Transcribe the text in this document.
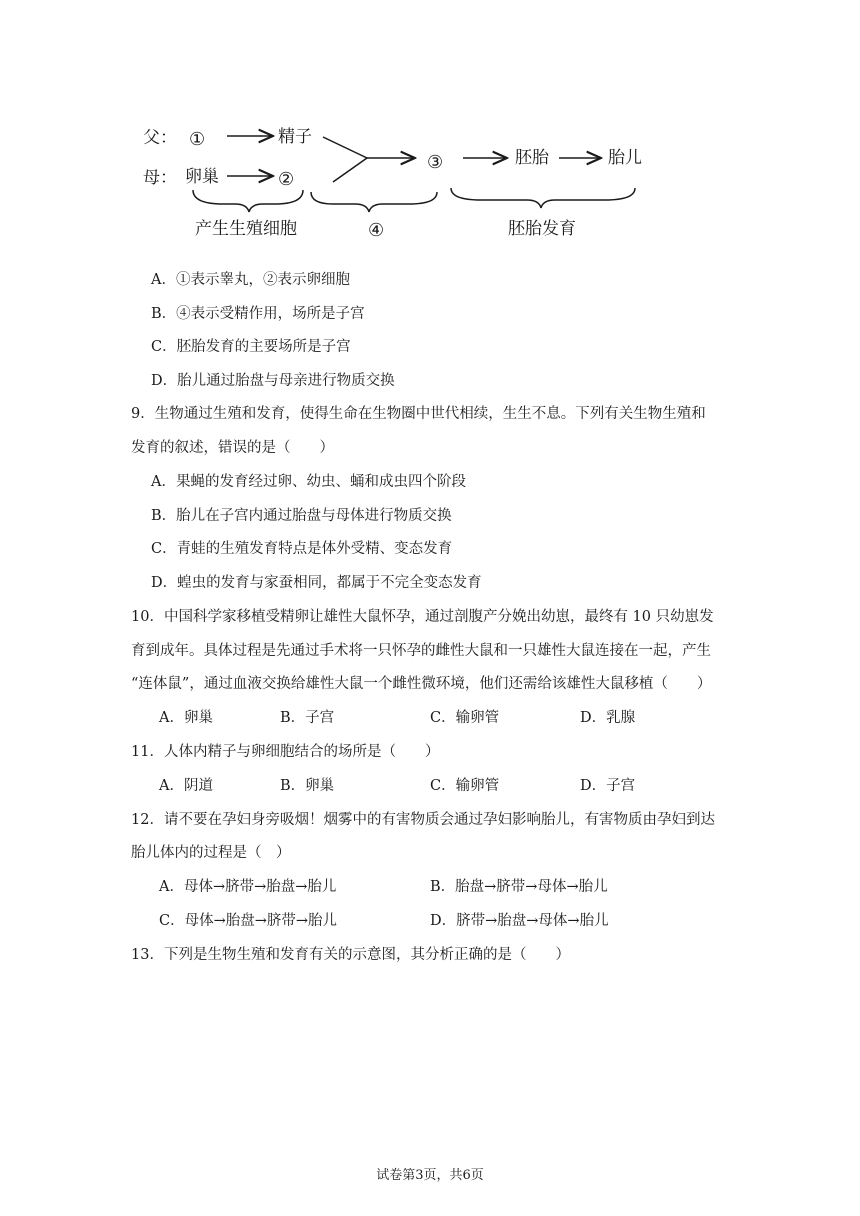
父： ①	精子
母： 卵巢	②
③	胚胎	胎儿
产生生殖细胞	④	胚胎发育
A．①表示睾丸，②表示卵细胞
B．④表示受精作用，场所是子宫
C．胚胎发育的主要场所是子宫
D．胎儿通过胎盘与母亲进行物质交换
9．生物通过生殖和发育，使得生命在生物圈中世代相续，生生不息。下列有关生物生殖和
发育的叙述，错误的是（　　）
A．果蝇的发育经过卵、幼虫、蛹和成虫四个阶段
B．胎儿在子宫内通过胎盘与母体进行物质交换
C．青蛙的生殖发育特点是体外受精、变态发育
D．蝗虫的发育与家蚕相同，都属于不完全变态发育
10．中国科学家移植受精卵让雄性大鼠怀孕，通过剖腹产分娩出幼崽，最终有 10 只幼崽发
育到成年。具体过程是先通过手术将一只怀孕的雌性大鼠和一只雄性大鼠连接在一起，产生
“连体鼠”，通过血液交换给雄性大鼠一个雌性微环境，他们还需给该雄性大鼠移植（　　）
A．卵巢	B．子宫	C．输卵管	D．乳腺
11．人体内精子与卵细胞结合的场所是（　　）
A．阴道	B．卵巢	C．输卵管	D．子宫
12．请不要在孕妇身旁吸烟！烟雾中的有害物质会通过孕妇影响胎儿，有害物质由孕妇到达
胎儿体内的过程是（　）
A．母体→脐带→胎盘→胎儿	B．胎盘→脐带→母体→胎儿
C．母体→胎盘→脐带→胎儿	D．脐带→胎盘→母体→胎儿
13．下列是生物生殖和发育有关的示意图，其分析正确的是（　　）
试卷第3页，共6页
